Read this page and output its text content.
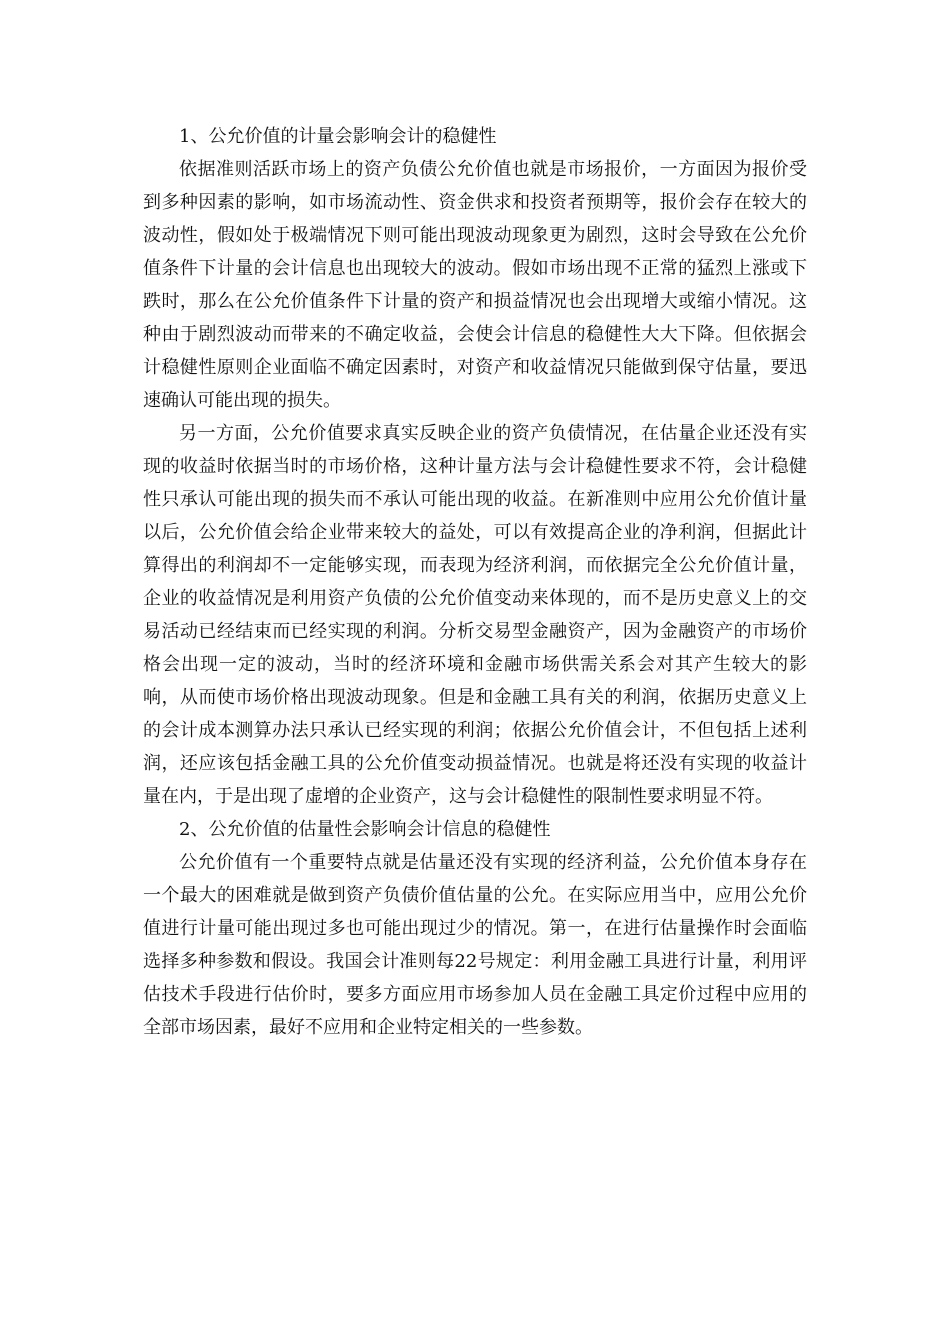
1、公允价值的计量会影响会计的稳健性

依据准则活跃市场上的资产负债公允价值也就是市场报价，一方面因为报价受到多种因素的影响，如市场流动性、资金供求和投资者预期等，报价会存在较大的波动性，假如处于极端情况下则可能出现波动现象更为剧烈，这时会导致在公允价值条件下计量的会计信息也出现较大的波动。假如市场出现不正常的猛烈上涨或下跌时，那么在公允价值条件下计量的资产和损益情况也会出现增大或缩小情况。这种由于剧烈波动而带来的不确定收益，会使会计信息的稳健性大大下降。但依据会计稳健性原则企业面临不确定因素时，对资产和收益情况只能做到保守估量，要迅速确认可能出现的损失。

另一方面，公允价值要求真实反映企业的资产负债情况，在估量企业还没有实现的收益时依据当时的市场价格，这种计量方法与会计稳健性要求不符，会计稳健性只承认可能出现的损失而不承认可能出现的收益。在新准则中应用公允价值计量以后，公允价值会给企业带来较大的益处，可以有效提高企业的净利润，但据此计算得出的利润却不一定能够实现，而表现为经济利润，而依据完全公允价值计量，企业的收益情况是利用资产负债的公允价值变动来体现的，而不是历史意义上的交易活动已经结束而已经实现的利润。分析交易型金融资产，因为金融资产的市场价格会出现一定的波动，当时的经济环境和金融市场供需关系会对其产生较大的影响，从而使市场价格出现波动现象。但是和金融工具有关的利润，依据历史意义上的会计成本测算办法只承认已经实现的利润；依据公允价值会计，不但包括上述利润，还应该包括金融工具的公允价值变动损益情况。也就是将还没有实现的收益计量在内，于是出现了虚增的企业资产，这与会计稳健性的限制性要求明显不符。

2、公允价值的估量性会影响会计信息的稳健性

公允价值有一个重要特点就是估量还没有实现的经济利益，公允价值本身存在一个最大的困难就是做到资产负债价值估量的公允。在实际应用当中，应用公允价值进行计量可能出现过多也可能出现过少的情况。第一，在进行估量操作时会面临选择多种参数和假设。我国会计准则每22号规定：利用金融工具进行计量，利用评估技术手段进行估价时，要多方面应用市场参加人员在金融工具定价过程中应用的全部市场因素，最好不应用和企业特定相关的一些参数。
